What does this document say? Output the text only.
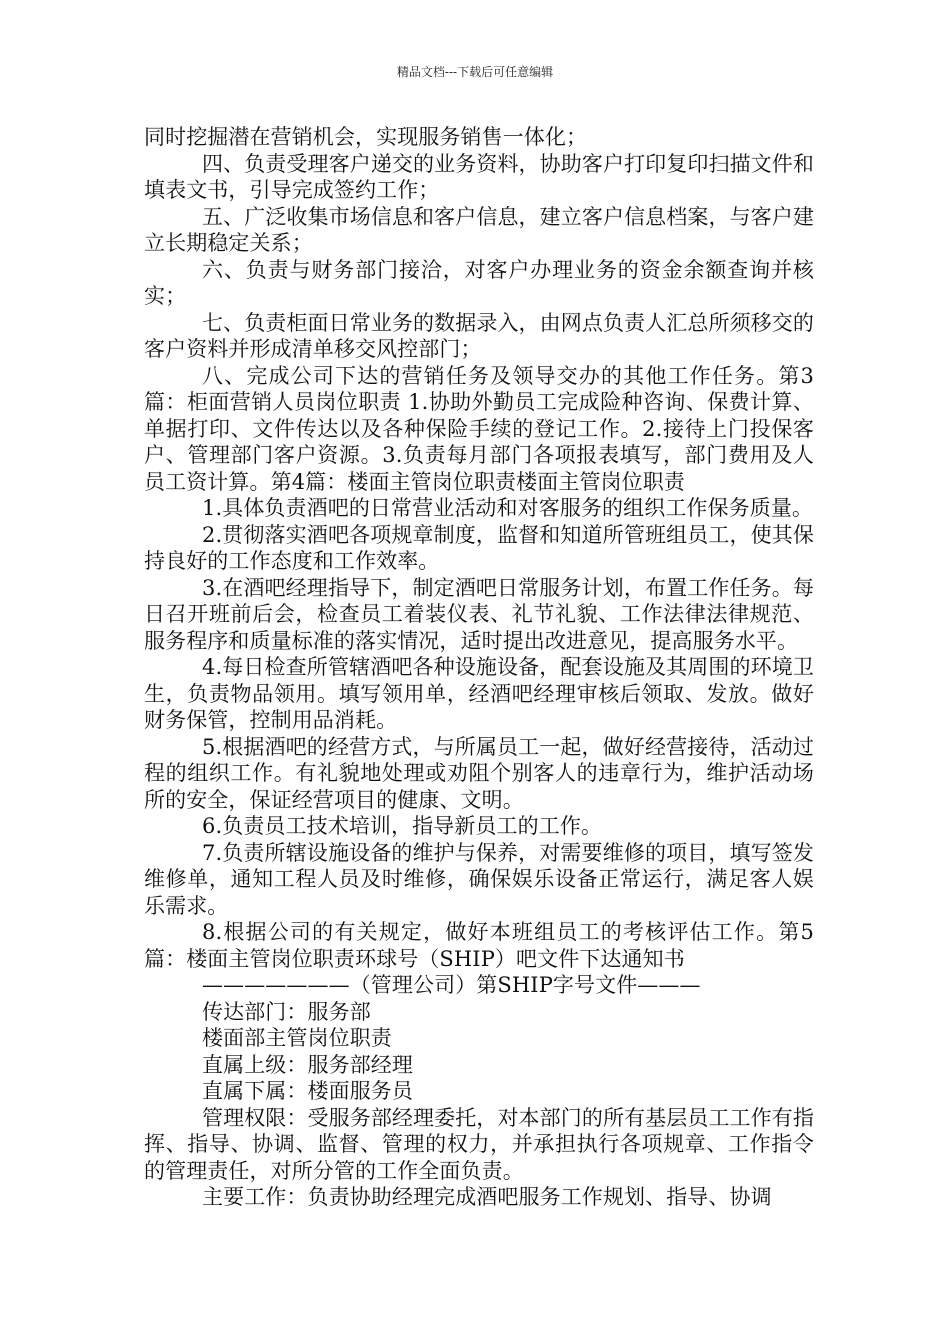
精品文档---下载后可任意编辑

同时挖掘潜在营销机会，实现服务销售一体化；

四、负责受理客户递交的业务资料，协助客户打印复印扫描文件和填表文书，引导完成签约工作；

五、广泛收集市场信息和客户信息，建立客户信息档案，与客户建立长期稳定关系；

六、负责与财务部门接洽，对客户办理业务的资金余额查询并核实；

七、负责柜面日常业务的数据录入，由网点负责人汇总所须移交的客户资料并形成清单移交风控部门；

八、完成公司下达的营销任务及领导交办的其他工作任务。第3篇：柜面营销人员岗位职责 1.协助外勤员工完成险种咨询、保费计算、单据打印、文件传达以及各种保险手续的登记工作。2.接待上门投保客户、管理部门客户资源。3.负责每月部门各项报表填写，部门费用及人员工资计算。第4篇：楼面主管岗位职责楼面主管岗位职责

1.具体负责酒吧的日常营业活动和对客服务的组织工作保务质量。

2.贯彻落实酒吧各项规章制度，监督和知道所管班组员工，使其保持良好的工作态度和工作效率。

3.在酒吧经理指导下，制定酒吧日常服务计划，布置工作任务。每日召开班前后会，检查员工着装仪表、礼节礼貌、工作法律法律规范、服务程序和质量标准的落实情况，适时提出改进意见，提高服务水平。

4.每日检查所管辖酒吧各种设施设备，配套设施及其周围的环境卫生，负责物品领用。填写领用单，经酒吧经理审核后领取、发放。做好财务保管，控制用品消耗。

5.根据酒吧的经营方式，与所属员工一起，做好经营接待，活动过程的组织工作。有礼貌地处理或劝阻个别客人的违章行为，维护活动场所的安全，保证经营项目的健康、文明。

6.负责员工技术培训，指导新员工的工作。

7.负责所辖设施设备的维护与保养，对需要维修的项目，填写签发维修单，通知工程人员及时维修，确保娱乐设备正常运行，满足客人娱乐需求。

8.根据公司的有关规定，做好本班组员工的考核评估工作。第5篇：楼面主管岗位职责环球号（SHIP）吧文件下达通知书

———————（管理公司）第SHIP字号文件———

传达部门：服务部

楼面部主管岗位职责

直属上级：服务部经理

直属下属：楼面服务员

管理权限：受服务部经理委托，对本部门的所有基层员工工作有指挥、指导、协调、监督、管理的权力，并承担执行各项规章、工作指令的管理责任，对所分管的工作全面负责。

主要工作：负责协助经理完成酒吧服务工作规划、指导、协调
